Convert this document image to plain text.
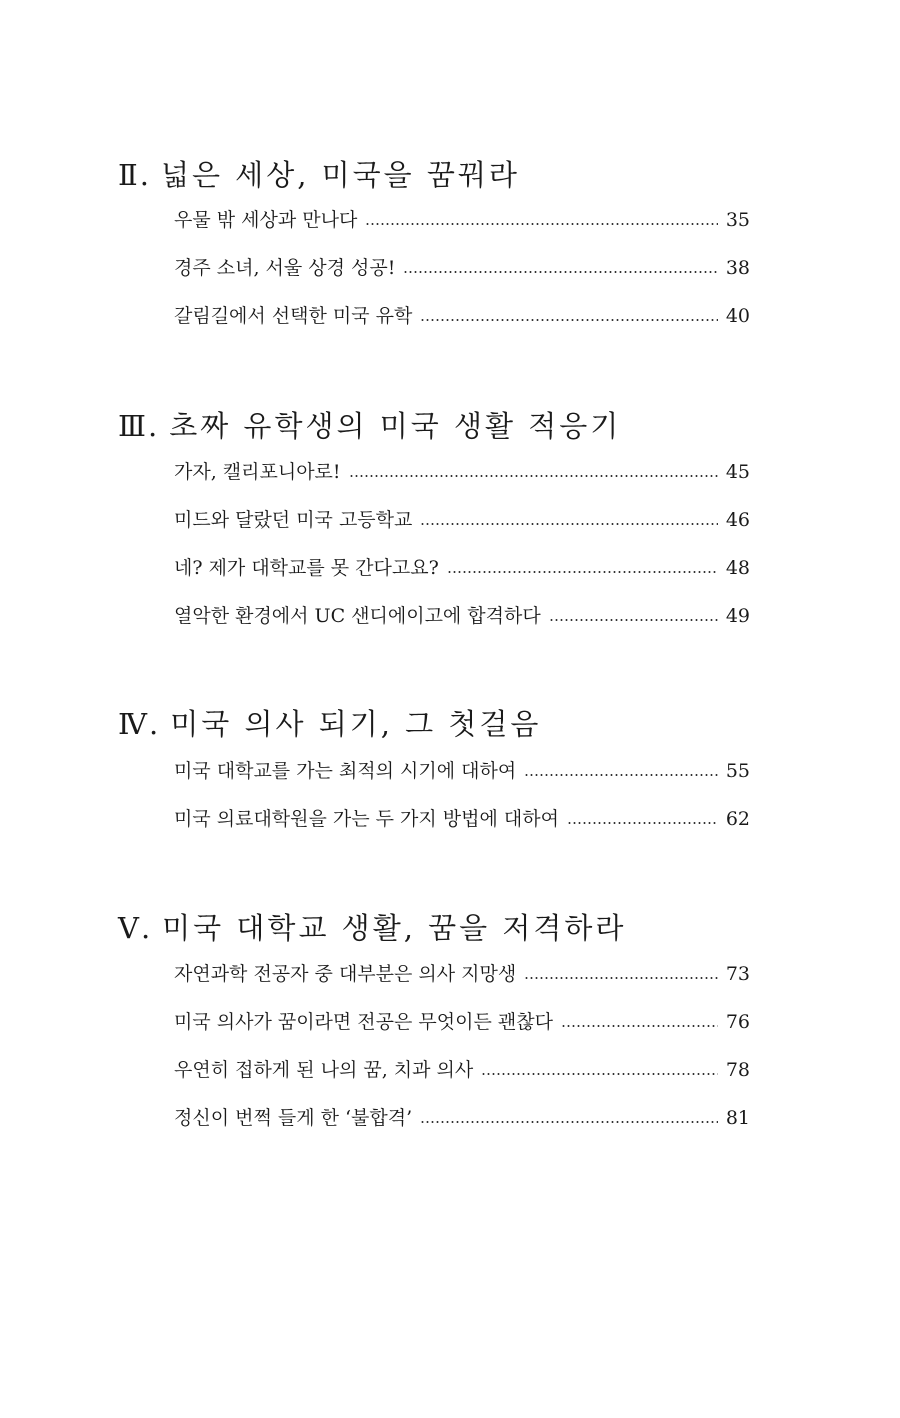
Ⅱ. 넓은 세상, 미국을 꿈꿔라
우물 밖 세상과 만나다	35
경주 소녀, 서울 상경 성공!	38
갈림길에서 선택한 미국 유학	40
Ⅲ. 초짜 유학생의 미국 생활 적응기
가자, 캘리포니아로!	45
미드와 달랐던 미국 고등학교	46
네? 제가 대학교를 못 간다고요?	48
열악한 환경에서 UC 샌디에이고에 합격하다	49
Ⅳ. 미국 의사 되기, 그 첫걸음
미국 대학교를 가는 최적의 시기에 대하여	55
미국 의료대학원을 가는 두 가지 방법에 대하여	62
Ⅴ. 미국 대학교 생활, 꿈을 저격하라
자연과학 전공자 중 대부분은 의사 지망생	73
미국 의사가 꿈이라면 전공은 무엇이든 괜찮다	76
우연히 접하게 된 나의 꿈, 치과 의사	78
정신이 번쩍 들게 한 ‘불합격’	81
